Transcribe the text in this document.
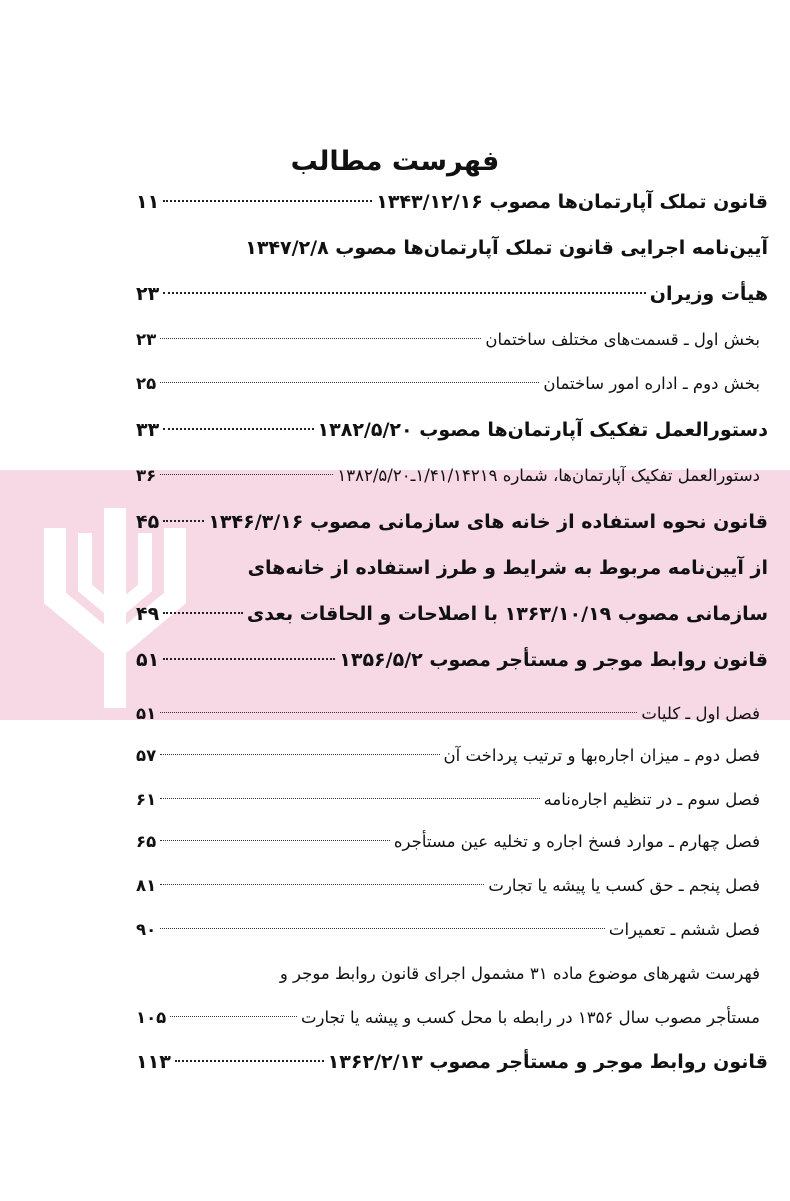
فهرست مطالب
قانون تملک آپارتمان‌ها مصوب ۱۳۴۳/۱۲/۱۶
۱۱
آیین‌نامه اجرایی قانون تملک آپارتمان‌ها مصوب ۱۳۴۷/۲/۸
هیأت وزیران
۲۳
بخش اول ـ قسمت‌های مختلف ساختمان
۲۳
بخش دوم ـ اداره امور ساختمان
۲۵
دستورالعمل تفکیک آپارتمان‌ها مصوب ۱۳۸۲/۵/۲۰
۳۳
دستورالعمل تفکیک آپارتمان‌ها، شماره ۱/۴۱/۱۴۲۱۹ـ۱۳۸۲/۵/۲۰
۳۶
قانون نحوه استفاده از خانه های سازمانی مصوب ۱۳۴۶/۳/۱۶
۴۵
از آیین‌نامه مربوط به شرایط و طرز استفاده از خانه‌های
سازمانی مصوب ۱۳۶۳/۱۰/۱۹ با اصلاحات و الحاقات بعدی
۴۹
قانون روابط موجر و مستأجر مصوب ۱۳۵۶/۵/۲
۵۱
فصل اول ـ کلیات
۵۱
فصل دوم ـ میزان اجاره‌بها و ترتیب پرداخت آن
۵۷
فصل سوم ـ در تنظیم اجاره‌نامه
۶۱
فصل چهارم ـ موارد فسخ اجاره و تخلیه عین مستأجره
۶۵
فصل پنجم ـ حق کسب یا پیشه یا تجارت
۸۱
فصل ششم ـ تعمیرات
۹۰
فهرست شهرهای موضوع ماده ۳۱ مشمول اجرای قانون روابط موجر و
مستأجر مصوب سال ۱۳۵۶ در رابطه با محل کسب و پیشه یا تجارت
۱۰۵
قانون روابط موجر و مستأجر مصوب ۱۳۶۲/۲/۱۳
۱۱۳
